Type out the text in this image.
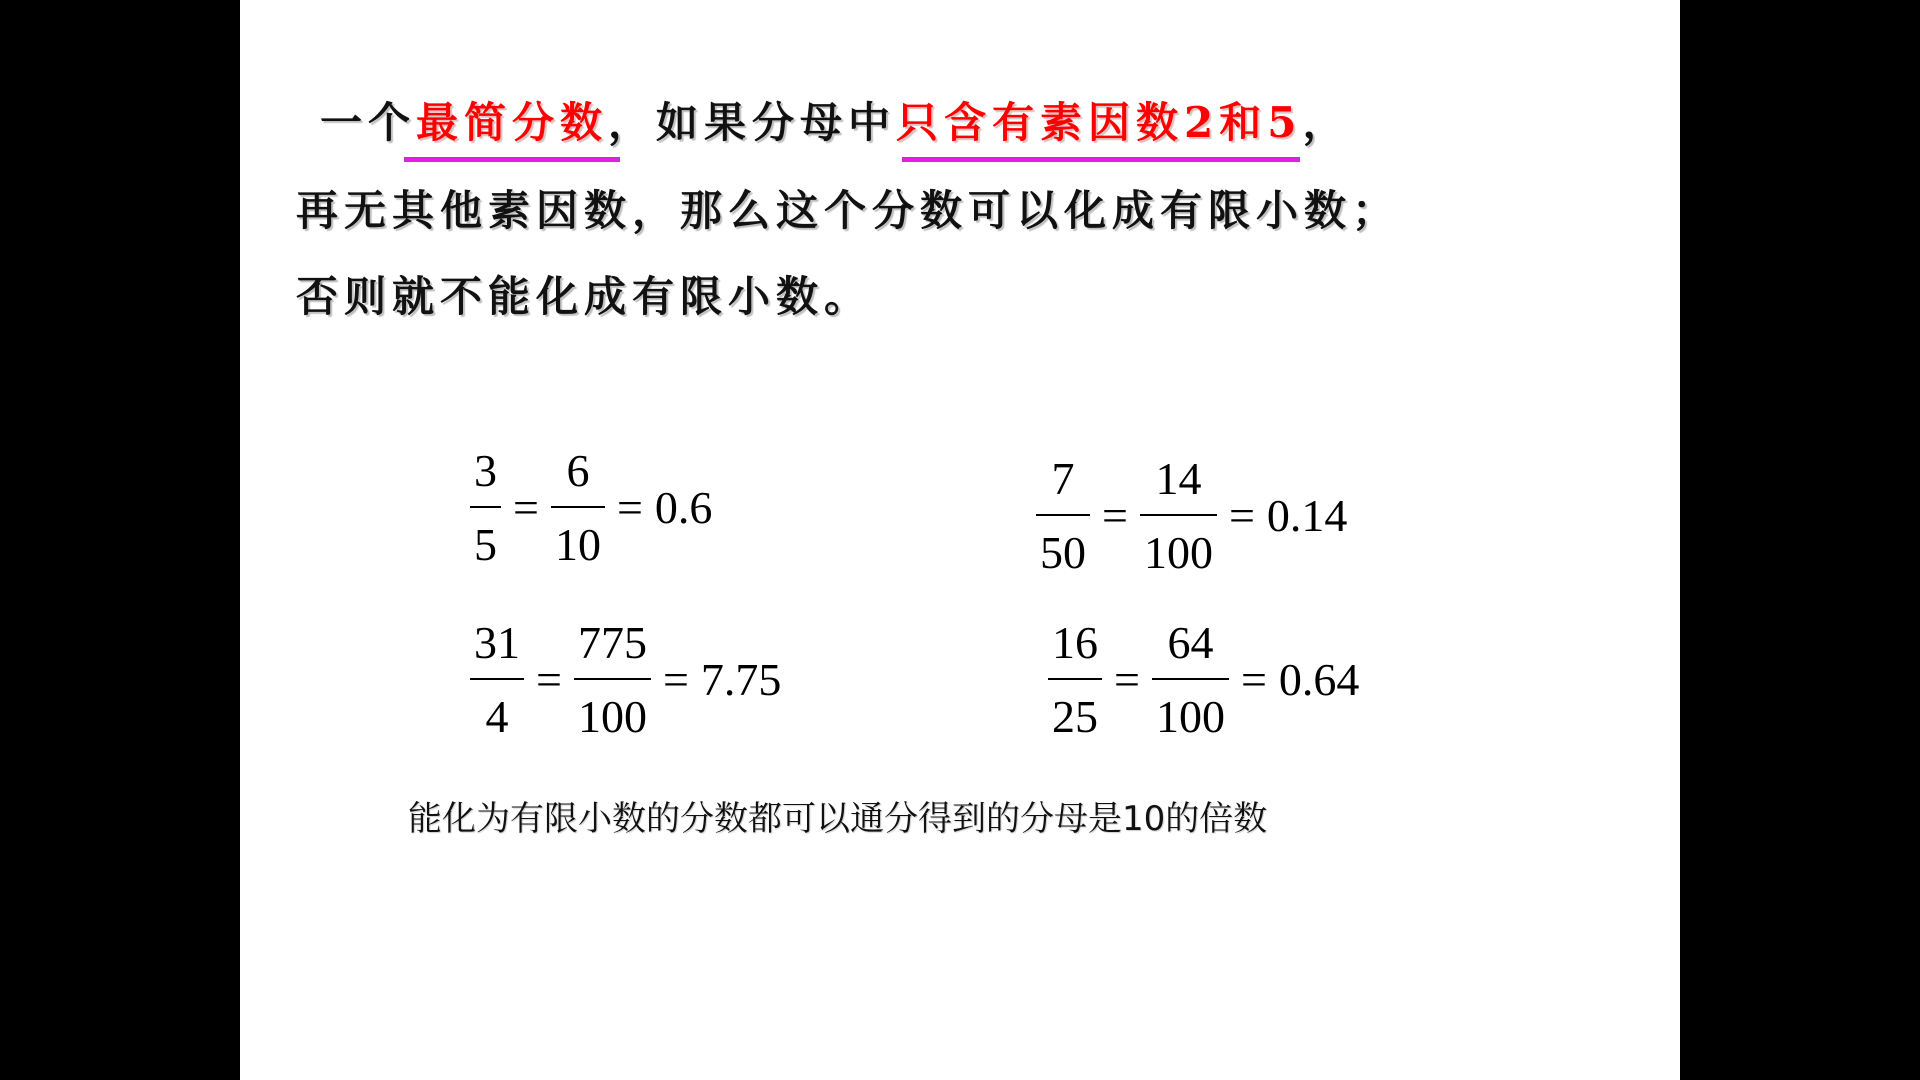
一个最简分数，如果分母中只含有素因数2和5，
再无其他素因数，那么这个分数可以化成有限小数；
否则就不能化成有限小数。
$\frac{3}{5} = \frac{6}{10} = 0.6$	$\frac{7}{50} = \frac{14}{100} = 0.14$
$\frac{31}{4} = \frac{775}{100} = 7.75$	$\frac{16}{25} = \frac{64}{100} = 0.64$
能化为有限小数的分数都可以通分得到的分母是10的倍数
